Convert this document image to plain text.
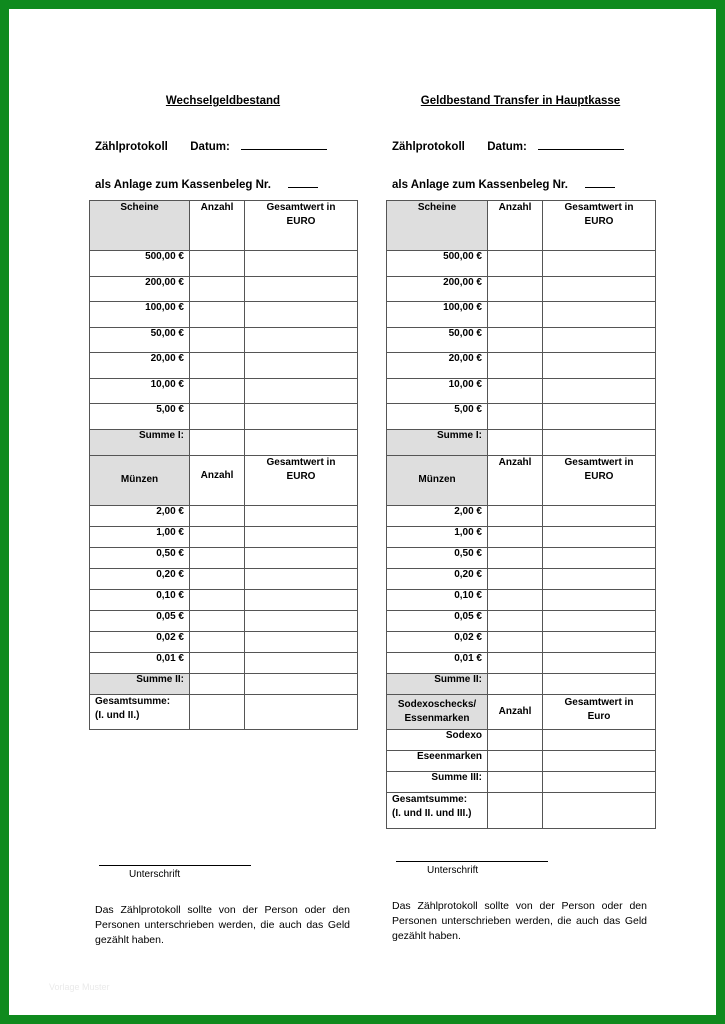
Wechselgeldbestand
Zählprotokoll Datum:
als Anlage zum Kassenbeleg Nr.
Scheine	Anzahl	Gesamtwert in
EURO
500,00 €		
200,00 €		
100,00 €		
50,00 €		
20,00 €		
10,00 €		
5,00 €		
Summe I:		
Münzen	Anzahl	Gesamtwert in
EURO
2,00 €		
1,00 €		
0,50 €		
0,20 €		
0,10 €		
0,05 €		
0,02 €		
0,01 €		
Summe II:		
Gesamtsumme:
(I. und II.)		
Unterschrift
Das Zählprotokoll sollte von der Person oder den Personen unterschrieben werden, die auch das Geld gezählt haben.
Geldbestand Transfer in Hauptkasse
Zählprotokoll Datum:
als Anlage zum Kassenbeleg Nr.
Scheine	Anzahl	Gesamtwert in
EURO
500,00 €		
200,00 €		
100,00 €		
50,00 €		
20,00 €		
10,00 €		
5,00 €		
Summe I:		
Münzen	Anzahl	Gesamtwert in
EURO
2,00 €		
1,00 €		
0,50 €		
0,20 €		
0,10 €		
0,05 €		
0,02 €		
0,01 €		
Summe II:		
Sodexoschecks/
Essenmarken	Anzahl	Gesamtwert in
Euro
Sodexo		
Eseenmarken		
Summe III:		
Gesamtsumme:
(I. und II. und III.)		
Unterschrift
Das Zählprotokoll sollte von der Person oder den Personen unterschrieben werden, die auch das Geld gezählt haben.
Vorlage Muster
